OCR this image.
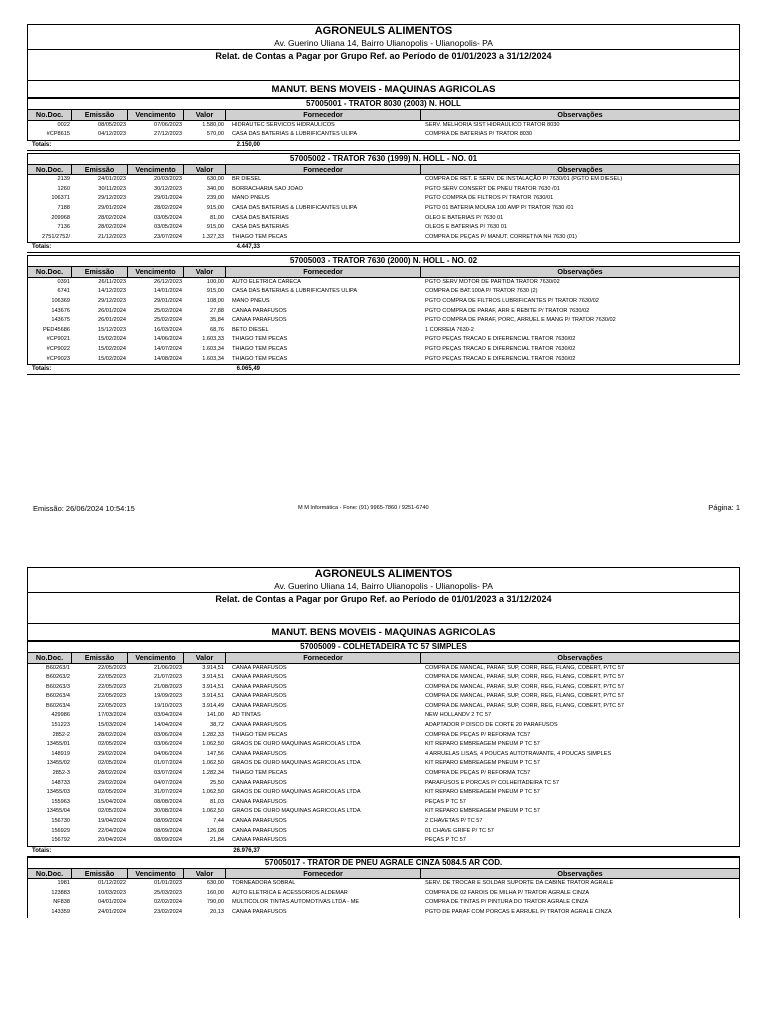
AGRONEULS ALIMENTOS
Av. Guerino Uliana 14, Bairro Ulianopolis - Ulianopolis- PA
Relat. de Contas a Pagar por Grupo Ref. ao Período de 01/01/2023 a 31/12/2024
MANUT. BENS MOVEIS - MAQUINAS AGRICOLAS
57005001 - TRATOR 8030 (2003) N. HOLL
No.Doc.	Emissão	Vencimento	Valor	Fornecedor	Observações
0022	08/05/2023	07/06/2023	1.580,00	HIDRAUTEC SERVICOS HIDRAULICOS	SERV. MELHORIA SIST HIDRAULICO TRATOR 8030
#CP8615	04/12/2023	27/12/2023	570,00	CASA DAS BATERIAS & LUBRIFICANTES ULIPA	COMPRA DE BATERIAS P/ TRATOR 8030
Totais:	2.150,00
57005002 - TRATOR 7630 (1999) N. HOLL - NO. 01
No.Doc.	Emissão	Vencimento	Valor	Fornecedor	Observações
2139	24/01/2023	20/03/2023	630,00	BR DIESEL	COMPRA DE RET. E SERV. DE INSTALAÇÃO P/ 7630/01 (PGTO EM DIESEL)
1260	30/11/2023	30/12/2023	340,00	BORRACHARIA SAO JOAO	PGTO SERV CONSERT DE PNEU TRATOR 7630 /01
106371	29/12/2023	29/01/2024	239,00	MANO PNEUS	PGTO COMPRA DE FILTROS P/ TRATOR 7630/01
7188	29/01/2024	28/02/2024	915,00	CASA DAS BATERIAS & LUBRIFICANTES ULIPA	PGTO 01 BATERIA MOURA 100 AMP P/ TRATOR 7630 /01
209968	28/02/2024	03/05/2024	81,00	CASA DAS BATERIAS	OLEO E BATERIAS P/ 7630 01
7136	28/02/2024	03/05/2024	915,00	CASA DAS BATERIAS	OLEOS E BATERIAS P/ 7630 01
2751/2752/	21/12/2023	23/07/2024	1.327,33	THIAGO TEM PECAS	COMPRA DE PEÇAS P/ MANUT. CORRETIVA NH 7630 (01)
Totais:	4.447,33
57005003 - TRATOR 7630 (2000) N. HOLL - NO. 02
No.Doc.	Emissão	Vencimento	Valor	Fornecedor	Observações
0391	26/11/2023	26/12/2023	100,00	AUTO ELETRICA CARECA	PGTO SERV MOTOR DE PARTIDA TRATOR 7630/02
6741	14/12/2023	14/01/2024	915,00	CASA DAS BATERIAS & LUBRIFICANTES ULIPA	COMPRA DE BAT.100A P/ TRATOR 7630 (2)
106369	29/12/2023	29/01/2024	108,00	MANO PNEUS	PGTO COMPRA DE FILTROS LUBRIFICANTES P/ TRATOR 7630/02
143676	26/01/2024	25/02/2024	27,88	CANAA PARAFUSOS	PGTO COMPRA DE PARAF, ARR E REBITE P/ TRATOR 7630/02
143675	26/01/2024	25/02/2024	35,84	CANAA PARAFUSOS	PGTO COMPRA DE PARAF, PORC, ARRUEL E MANG P/ TRATOR 7630/02
PED45686	15/12/2023	16/03/2024	68,76	BETO DIESEL	1 CORREIA 7630-2
#CP9021	15/02/2024	14/06/2024	1.603,33	THIAGO TEM PECAS	PGTO PEÇAS TRACAO E DIFERENCIAL TRATOR 7630/02
#CP9022	15/02/2024	14/07/2024	1.603,34	THIAGO TEM PECAS	PGTO PEÇAS TRACAO E DIFERENCIAL TRATOR 7630/02
#CP9023	15/02/2024	14/08/2024	1.603,34	THIAGO TEM PECAS	PGTO PEÇAS TRACAO E DIFERENCIAL TRATOR 7630/02
Totais:	6.065,49
Emissão: 26/06/2024 10:54:15	M M Informática - Fone: (91) 9965-7860 / 9251-6740	Página: 1
AGRONEULS ALIMENTOS
Av. Guerino Uliana 14, Bairro Ulianopolis - Ulianopolis- PA
Relat. de Contas a Pagar por Grupo Ref. ao Período de 01/01/2023 a 31/12/2024
MANUT. BENS MOVEIS - MAQUINAS AGRICOLAS
57005009 - COLHETADEIRA TC 57 SIMPLES
No.Doc.	Emissão	Vencimento	Valor	Fornecedor	Observações
B60263/1	22/05/2023	21/06/2023	3.914,51	CANAA PARAFUSOS	COMPRA DE MANCAL, PARAF, SUP, CORR, REG, FLANG, COBERT, P/TC 57
B60263/2	22/05/2023	21/07/2023	3.914,51	CANAA PARAFUSOS	COMPRA DE MANCAL, PARAF, SUP, CORR, REG, FLANG, COBERT, P/TC 57
B60263/3	22/05/2023	21/08/2023	3.914,51	CANAA PARAFUSOS	COMPRA DE MANCAL, PARAF, SUP, CORR, REG, FLANG, COBERT, P/TC 57
B60263/4	22/05/2023	19/09/2023	3.914,51	CANAA PARAFUSOS	COMPRA DE MANCAL, PARAF, SUP, CORR, REG, FLANG, COBERT, P/TC 57
B60263/4	22/05/2023	19/10/2023	3.914,49	CANAA PARAFUSOS	COMPRA DE MANCAL, PARAF, SUP, CORR, REG, FLANG, COBERT, P/TC 57
429986	17/03/2024	03/04/2024	141,00	AD TINTAS	NEW HOLLANDV 2 TC 57
151223	15/03/2024	14/04/2024	38,72	CANAA PARAFUSOS	ADAPTADOR P DISCO DE CORTE 20 PARAFUSOS
2852-2	28/02/2024	03/06/2024	1.282,33	THIAGO TEM PECAS	COMPRA DE PEÇAS P/ REFORMA TC57
13455/01	02/05/2024	03/06/2024	1.062,50	GRAOS DE OURO MAQUINAS AGRICOLAS LTDA	KIT REPARO EMBREAGEM PNEUM P TC 57
148919	29/02/2024	04/06/2024	147,56	CANAA PARAFUSOS	4 ARRUELAS LISAS, 4 POUCAS AUTOTRAVANTE, 4 POUCAS SIMPLES
13455/02	02/05/2024	01/07/2024	1.062,50	GRAOS DE OURO MAQUINAS AGRICOLAS LTDA	KIT REPARO EMBREAGEM PNEUM P TC 57
2852-3	28/02/2024	03/07/2024	1.282,34	THIAGO TEM PECAS	COMPRA DE PEÇAS P/ REFORMA TC57
148733	29/02/2024	04/07/2024	25,50	CANAA PARAFUSOS	PARAFUSOS E PORCAS P/ COLHEITADEIRA TC 57
13455/03	02/05/2024	31/07/2024	1.062,50	GRAOS DE OURO MAQUINAS AGRICOLAS LTDA	KIT REPARO EMBREAGEM PNEUM P TC 57
155963	15/04/2024	08/08/2024	81,03	CANAA PARAFUSOS	PEÇAS P TC 57
13455/04	02/05/2024	30/08/2024	1.062,50	GRAOS DE OURO MAQUINAS AGRICOLAS LTDA	KIT REPARO EMBREAGEM PNEUM P TC 57
156730	19/04/2024	08/09/2024	7,44	CANAA PARAFUSOS	2 CHAVETAS P/ TC 57
156929	22/04/2024	08/09/2024	126,08	CANAA PARAFUSOS	01 CHAVE GRIFE P/ TC 57
156792	20/04/2024	08/09/2024	21,84	CANAA PARAFUSOS	PEÇAS P TC 57
Totais:	26.976,37
57005017 - TRATOR DE PNEU AGRALE CINZA 5084.5 AR COD.
No.Doc.	Emissão	Vencimento	Valor	Fornecedor	Observações
1981	01/12/2022	01/01/2023	630,00	TORNEADORA SOBRAL	SERV. DE TROCAR E SOLDAR SUPORTE DA CABINE TRATOR AGRALE
123883	10/03/2023	25/03/2023	160,00	AUTO ELETRICA E ACESSORIOS ALDEMAR	COMPRA DE 02 FAROIS DE MILHA P/ TRATOR AGRALE CINZA
NF838	04/01/2024	02/02/2024	790,00	MULTICOLOR TINTAS AUTOMOTIVAS LTDA - ME	COMPRA DE TINTAS P/ PINTURA DO TRATOR AGRALE CINZA
143359	24/01/2024	23/02/2024	20,13	CANAA PARAFUSOS	PGTO DE PARAF COM PORCAS E ARRUEL P/ TRATOR AGRALE CINZA
